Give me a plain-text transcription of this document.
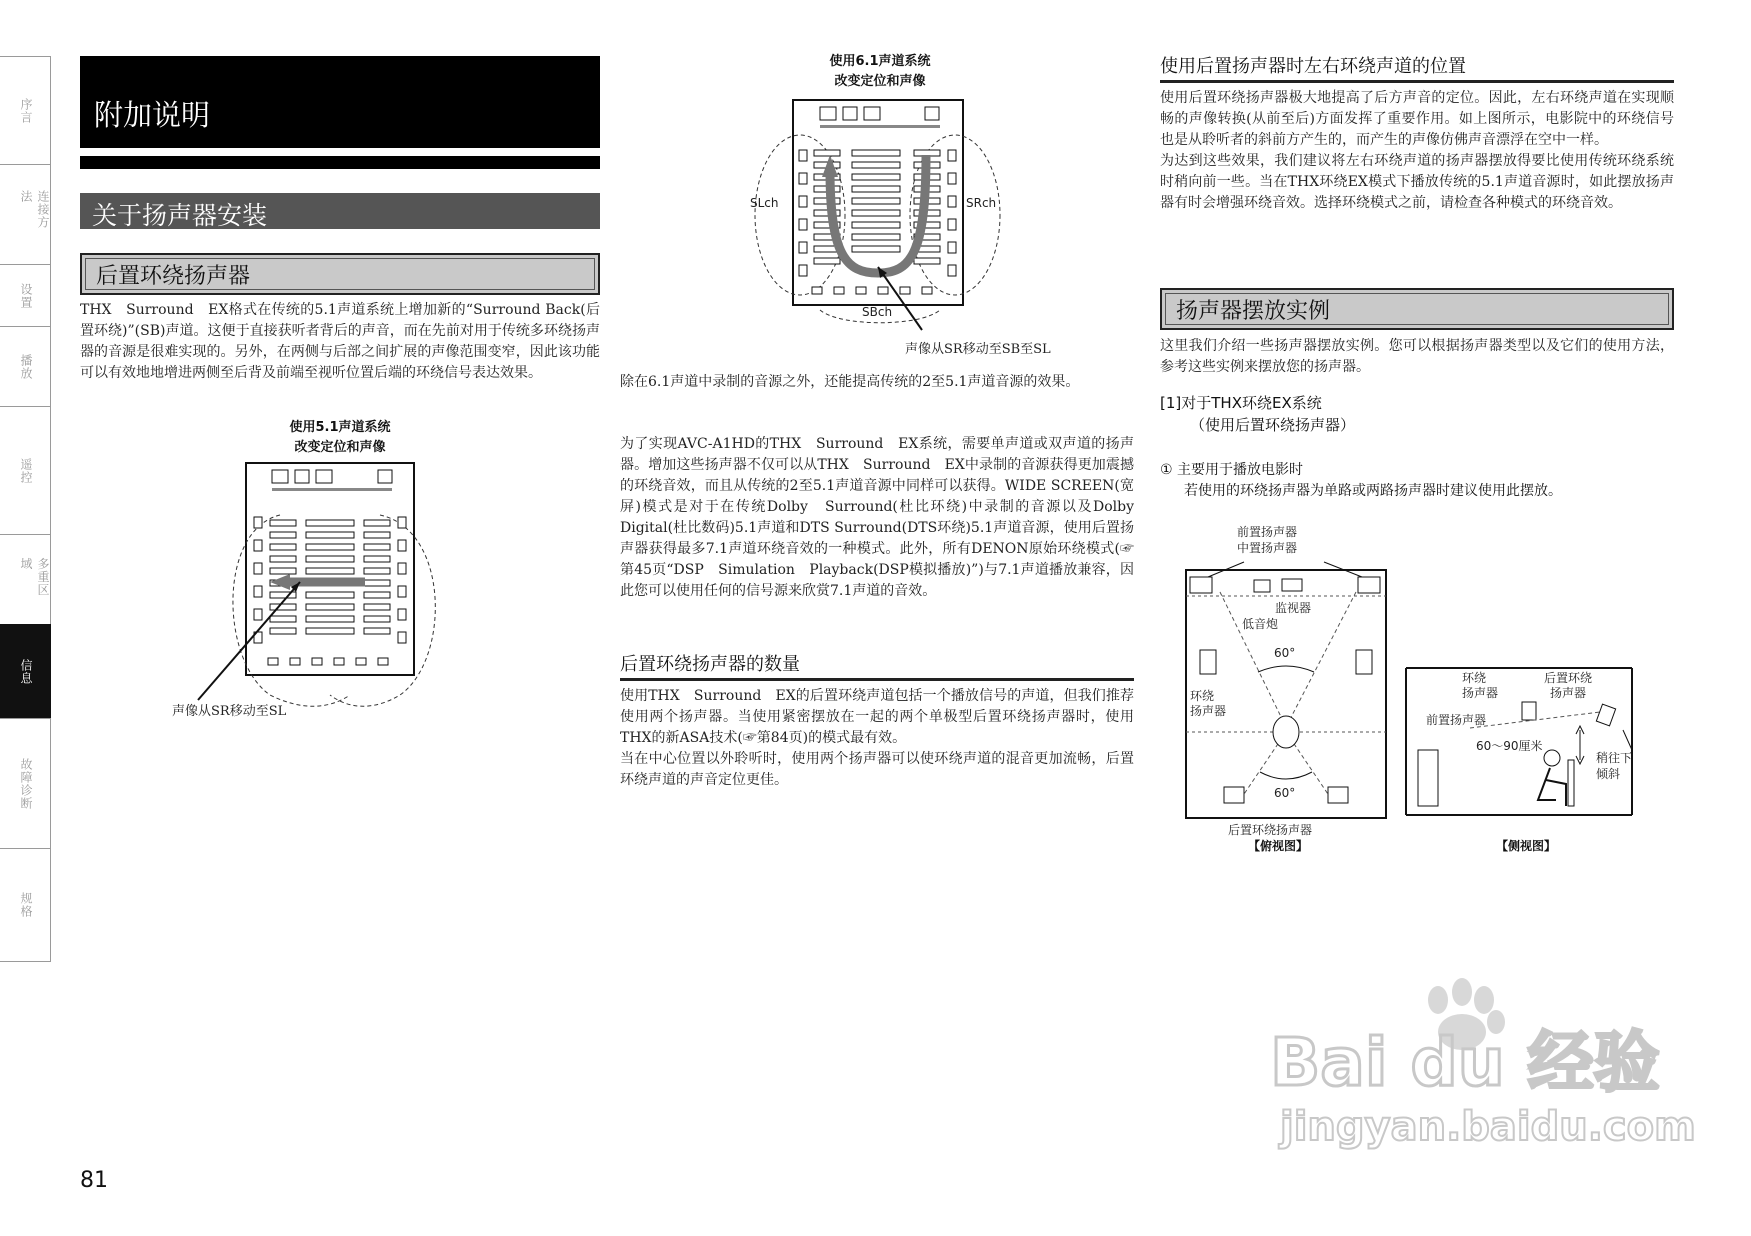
序言
连接方法
设置
播放
遥控
多重区域
信息
故障诊断
规格
附加说明
关于扬声器安装
后置环绕扬声器

THX　Surround　EX格式在传统的5.1声道系统上增加新的“Surround Back(后置环绕)”(SB)声道。这便于直接获听者背后的声音，而在先前对用于传统多环绕扬声器的音源是很难实现的。另外，在两侧与后部之间扩展的声像范围变窄，因此该功能可以有效地地增进两侧至后背及前端至视听位置后端的环绕信号表达效果。

使用5.1声道系统
改变定位和声像
声像从SR移动至SL
使用6.1声道系统
改变定位和声像
SLch	SRch
SBch
声像从SR移动至SB至SL

除在6.1声道中录制的音源之外，还能提高传统的2至5.1声道音源的效果。

为了实现AVC-A1HD的THX　Surround　EX系统，需要单声道或双声道的扬声器。增加这些扬声器不仅可以从THX　Surround　EX中录制的音源获得更加震撼的环绕音效，而且从传统的2至5.1声道音源中同样可以获得。WIDE SCREEN(宽屏)模式是对于在传统Dolby　Surround(杜比环绕)中录制的音源以及Dolby Digital(杜比数码)5.1声道和DTS Surround(DTS环绕)5.1声道音源，使用后置扬声器获得最多7.1声道环绕音效的一种模式。此外，所有DENON原始环绕模式(☞第45页“DSP　Simulation　Playback(DSP模拟播放)”)与7.1声道播放兼容，因此您可以使用任何的信号源来欣赏7.1声道的音效。

后置环绕扬声器的数量

使用THX　Surround　EX的后置环绕声道包括一个播放信号的声道，但我们推荐使用两个扬声器。当使用紧密摆放在一起的两个单极型后置环绕扬声器时，使用THX的新ASA技术(☞第84页)的模式最有效。

当在中心位置以外聆听时，使用两个扬声器可以使环绕声道的混音更加流畅，后置环绕声道的声音定位更佳。

使用后置扬声器时左右环绕声道的位置

使用后置环绕扬声器极大地提高了后方声音的定位。因此，左右环绕声道在实现顺畅的声像转换(从前至后)方面发挥了重要作用。如上图所示，电影院中的环绕信号也是从聆听者的斜前方产生的，而产生的声像仿佛声音漂浮在空中一样。

为达到这些效果，我们建议将左右环绕声道的扬声器摆放得要比使用传统环绕系统时稍向前一些。当在THX环绕EX模式下播放传统的5.1声道音源时，如此摆放扬声器有时会增强环绕音效。选择环绕模式之前，请检查各种模式的环绕音效。

扬声器摆放实例

这里我们介绍一些扬声器摆放实例。您可以根据扬声器类型以及它们的使用方法，参考这些实例来摆放您的扬声器。

[1]对于THX环绕EX系统
（使用后置环绕扬声器）
① 主要用于播放电影时
若使用的环绕扬声器为单路或两路扬声器时建议使用此摆放。
前置扬声器
中置扬声器
监视器
低音炮
60°
环绕
扬声器
60°
后置环绕扬声器
【俯视图】
环绕
扬声器
后置环绕
扬声器
前置扬声器
60～90厘米
稍往下
倾斜
【侧视图】
Bai du 经验
jingyan.baidu.com
81
